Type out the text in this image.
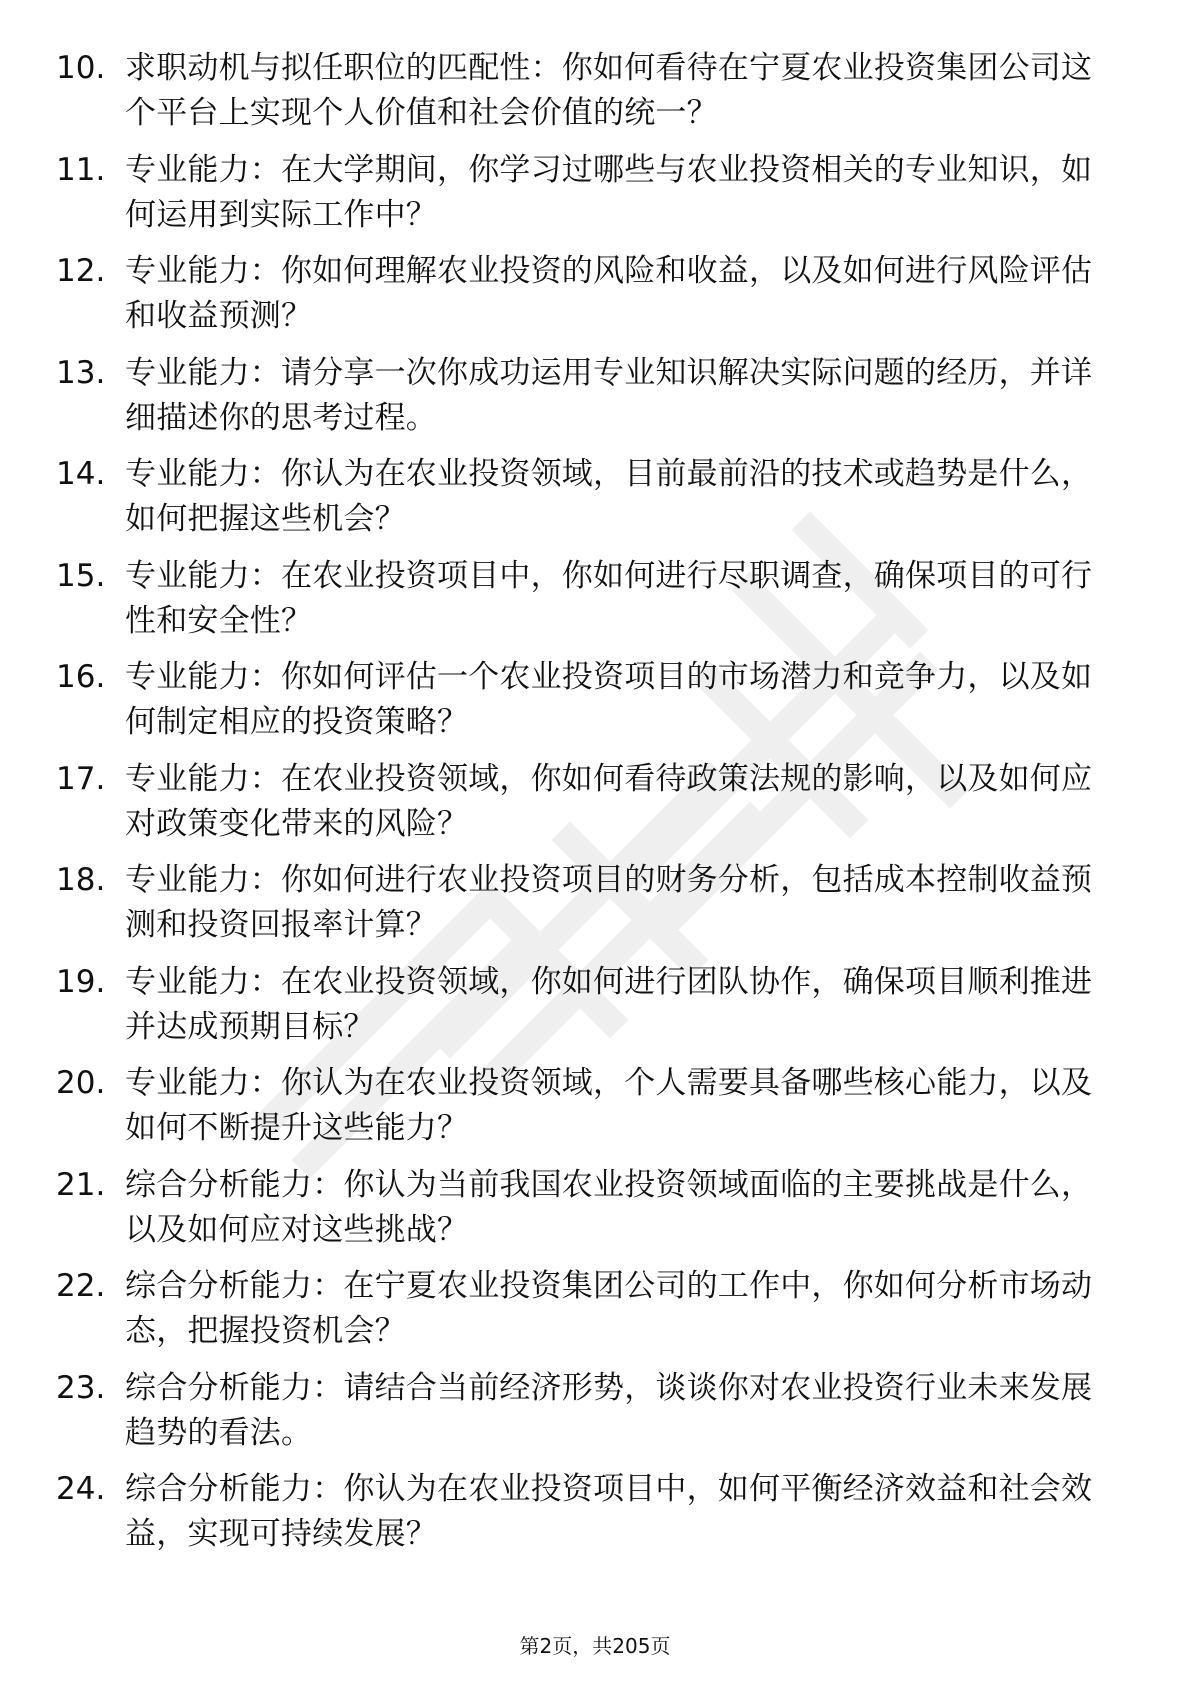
10. 求职动机与拟任职位的匹配性：你如何看待在宁夏农业投资集团公司这个平台上实现个人价值和社会价值的统一？
11. 专业能力：在大学期间，你学习过哪些与农业投资相关的专业知识，如何运用到实际工作中？
12. 专业能力：你如何理解农业投资的风险和收益，以及如何进行风险评估和收益预测？
13. 专业能力：请分享一次你成功运用专业知识解决实际问题的经历，并详细描述你的思考过程。
14. 专业能力：你认为在农业投资领域，目前最前沿的技术或趋势是什么，如何把握这些机会？
15. 专业能力：在农业投资项目中，你如何进行尽职调查，确保项目的可行性和安全性？
16. 专业能力：你如何评估一个农业投资项目的市场潜力和竞争力，以及如何制定相应的投资策略？
17. 专业能力：在农业投资领域，你如何看待政策法规的影响，以及如何应对政策变化带来的风险？
18. 专业能力：你如何进行农业投资项目的财务分析，包括成本控制收益预测和投资回报率计算？
19. 专业能力：在农业投资领域，你如何进行团队协作，确保项目顺利推进并达成预期目标？
20. 专业能力：你认为在农业投资领域，个人需要具备哪些核心能力，以及如何不断提升这些能力？
21. 综合分析能力：你认为当前我国农业投资领域面临的主要挑战是什么，以及如何应对这些挑战？
22. 综合分析能力：在宁夏农业投资集团公司的工作中，你如何分析市场动态，把握投资机会？
23. 综合分析能力：请结合当前经济形势，谈谈你对农业投资行业未来发展趋势的看法。
24. 综合分析能力：你认为在农业投资项目中，如何平衡经济效益和社会效益，实现可持续发展？
第2页，共205页
